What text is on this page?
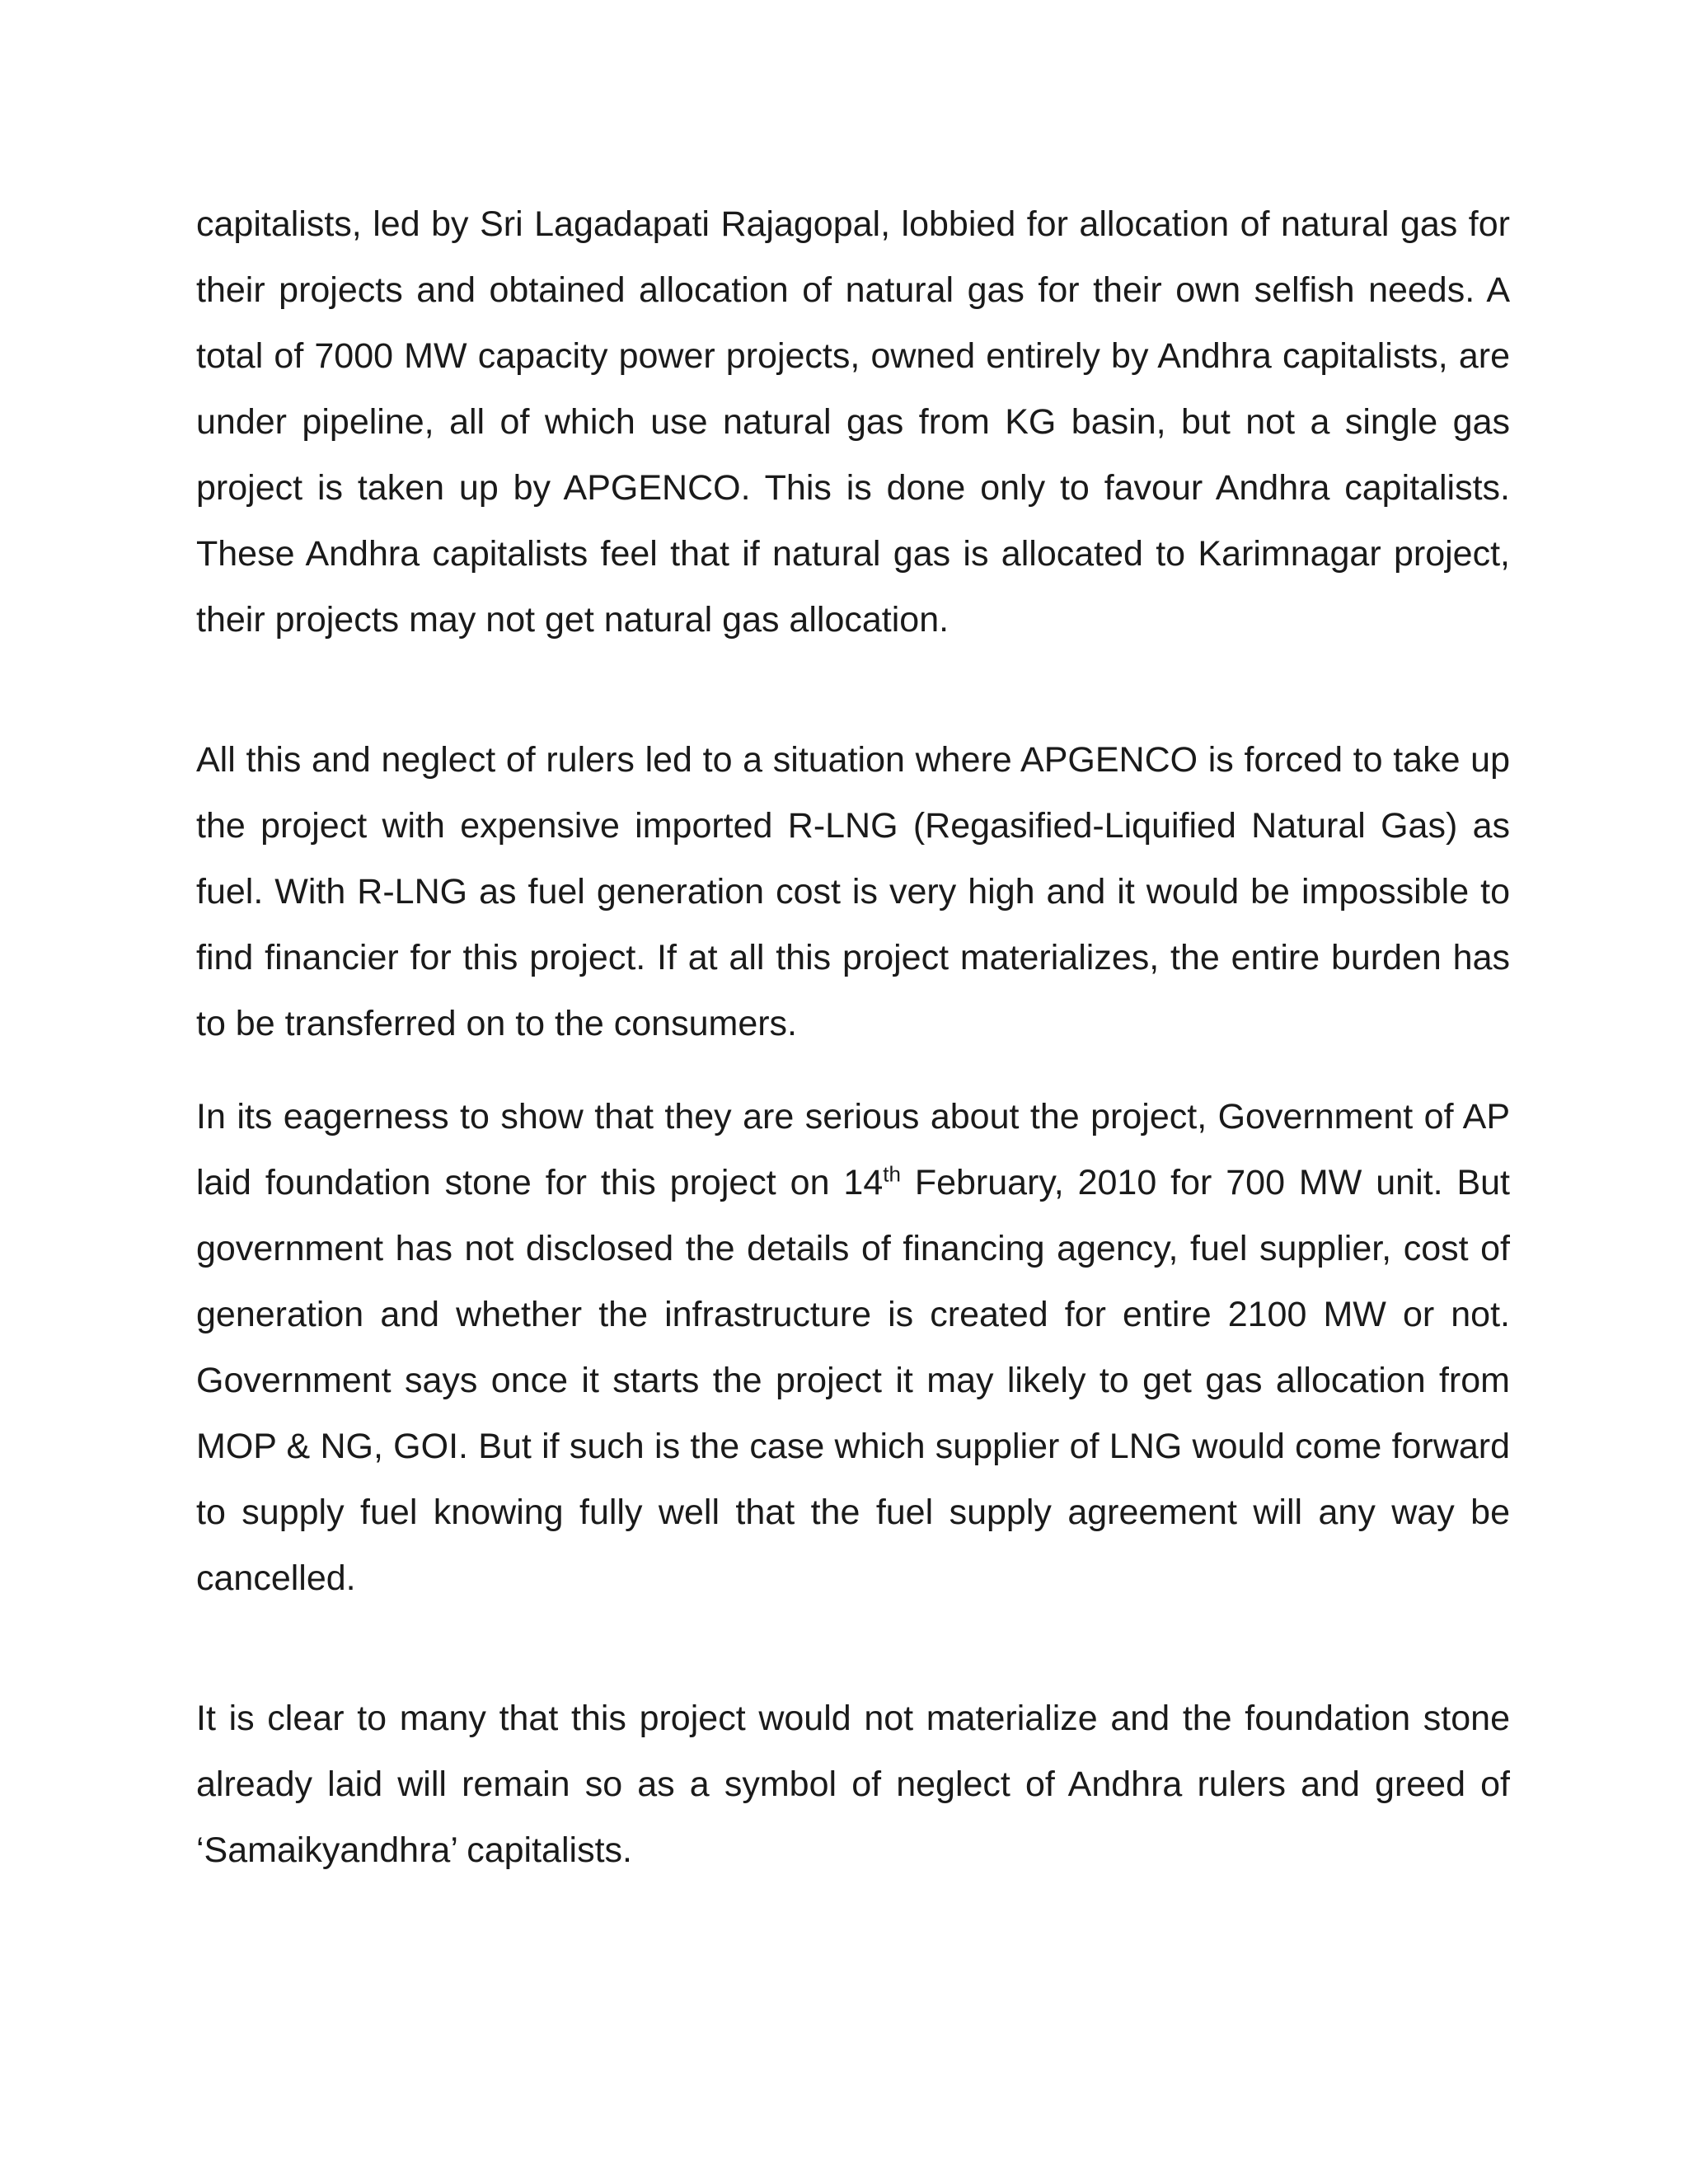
capitalists, led by Sri Lagadapati Rajagopal, lobbied for allocation of natural gas for their projects and obtained allocation of natural gas for their own selfish needs. A total of 7000 MW capacity power projects, owned entirely by Andhra capitalists, are under pipeline, all of which use natural gas from KG basin, but not a single gas project is taken up by APGENCO. This is done only to favour Andhra capitalists. These Andhra capitalists feel that if natural gas is allocated to Karimnagar project, their projects may not get natural gas allocation.

All this and neglect of rulers led to a situation where APGENCO is forced to take up the project with expensive imported R-LNG (Regasified-Liquified Natural Gas) as fuel. With R-LNG as fuel generation cost is very high and it would be impossible to find financier for this project. If at all this project materializes, the entire burden has to be transferred on to the consumers.

In its eagerness to show that they are serious about the project, Government of AP laid foundation stone for this project on 14th February, 2010 for 700 MW unit. But government has not disclosed the details of financing agency, fuel supplier, cost of generation and whether the infrastructure is created for entire 2100 MW or not. Government says once it starts the project it may likely to get gas allocation from MOP & NG, GOI. But if such is the case which supplier of LNG would come forward to supply fuel knowing fully well that the fuel supply agreement will any way be cancelled.

It is clear to many that this project would not materialize and the foundation stone already laid will remain so as a symbol of neglect of Andhra rulers and greed of ‘Samaikyandhra’ capitalists.
